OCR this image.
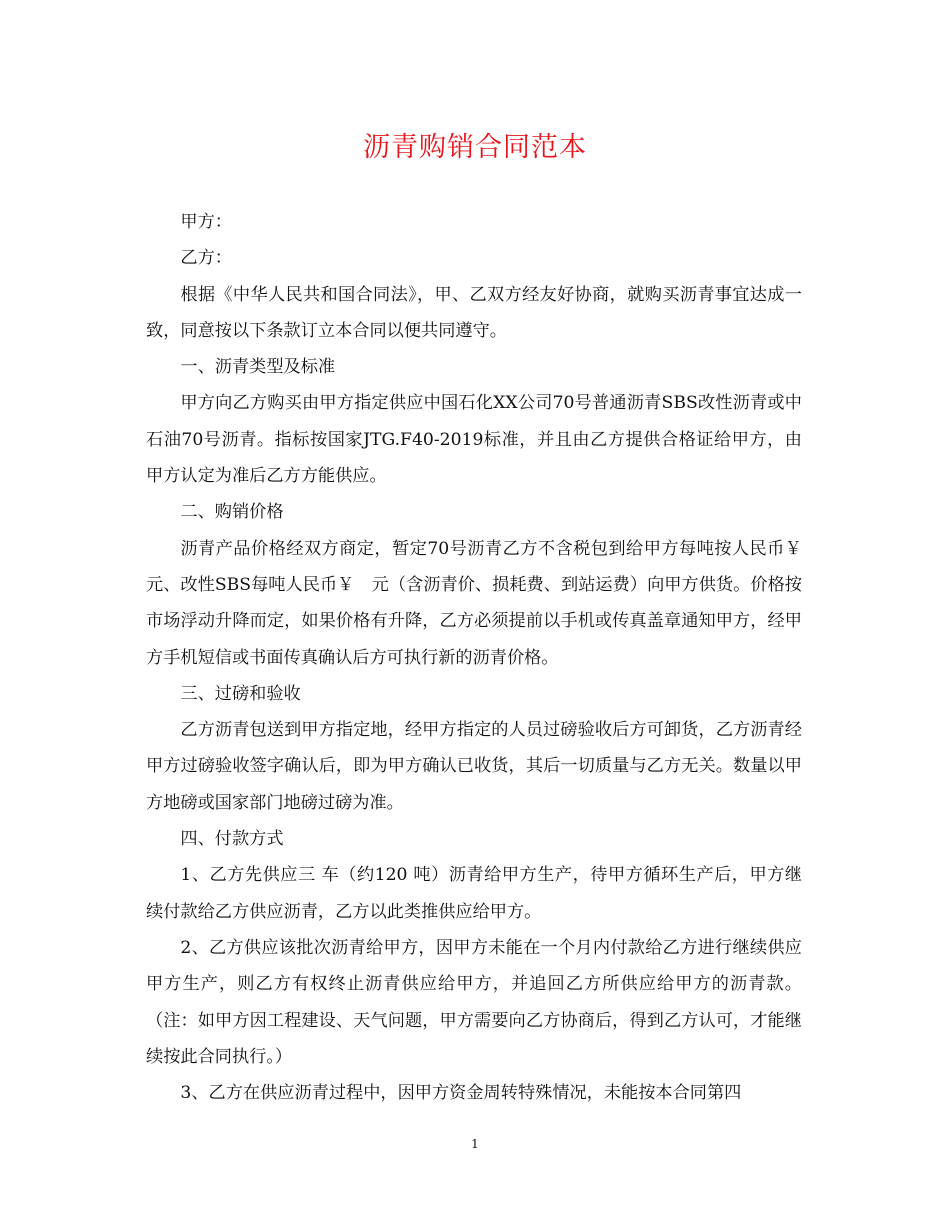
沥青购销合同范本

甲方：

乙方：

根据《中华人民共和国合同法》，甲、乙双方经友好协商，就购买沥青事宜达成一致，同意按以下条款订立本合同以便共同遵守。

一、沥青类型及标准

甲方向乙方购买由甲方指定供应中国石化XX公司70号普通沥青SBS改性沥青或中石油70号沥青。指标按国家JTG.F40-2019标准，并且由乙方提供合格证给甲方，由甲方认定为准后乙方方能供应。

二、购销价格

沥青产品价格经双方商定，暂定70号沥青乙方不含税包到给甲方每吨按人民币￥　元、改性SBS每吨人民币￥　元（含沥青价、损耗费、到站运费）向甲方供货。价格按市场浮动升降而定，如果价格有升降，乙方必须提前以手机或传真盖章通知甲方，经甲方手机短信或书面传真确认后方可执行新的沥青价格。

三、过磅和验收

乙方沥青包送到甲方指定地，经甲方指定的人员过磅验收后方可卸货，乙方沥青经甲方过磅验收签字确认后，即为甲方确认已收货，其后一切质量与乙方无关。数量以甲方地磅或国家部门地磅过磅为准。

四、付款方式

1、乙方先供应三 车（约120 吨）沥青给甲方生产，待甲方循环生产后，甲方继续付款给乙方供应沥青，乙方以此类推供应给甲方。

2、乙方供应该批次沥青给甲方，因甲方未能在一个月内付款给乙方进行继续供应甲方生产，则乙方有权终止沥青供应给甲方，并追回乙方所供应给甲方的沥青款。（注：如甲方因工程建设、天气问题，甲方需要向乙方协商后，得到乙方认可，才能继续按此合同执行。）

3、乙方在供应沥青过程中，因甲方资金周转特殊情况，未能按本合同第四

1
